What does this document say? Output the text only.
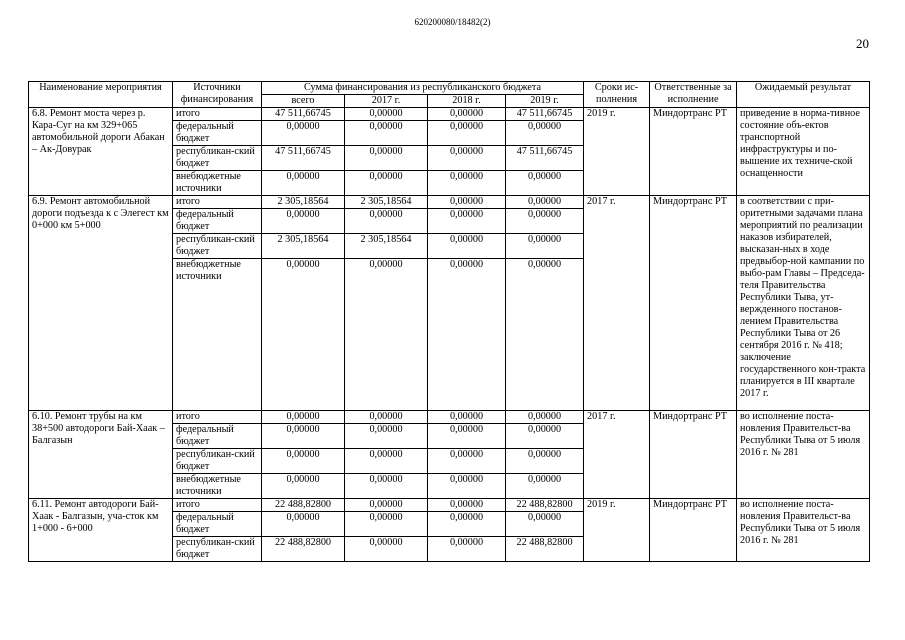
620200080/18482(2)
20
Наименование мероприятия	Источники финансирования	Сумма финансирования из республиканского бюджета				Сроки ис-полнения	Ответственные за исполнение	Ожидаемый результат
		всего	2017 г.	2018 г.	2019 г.			
6.8. Ремонт моста через р. Кара-Суг на км 329+065 автомобильной дороги Абакан – Ак-Довурак	итого	47 511,66745	0,00000	0,00000	47 511,66745	2019 г.	Миндортранс РТ	приведение в норма-тивное состояние объ-ектов транспортной инфраструктуры и по-вышение их техниче-ской оснащенности
	федеральный бюджет	0,00000	0,00000	0,00000	0,00000			
	республикан-ский бюджет	47 511,66745	0,00000	0,00000	47 511,66745			
	внебюджетные источники	0,00000	0,00000	0,00000	0,00000			
6.9. Ремонт автомобильной дороги подъезда к с Элегест км 0+000 км 5+000	итого	2 305,18564	2 305,18564	0,00000	0,00000	2017 г.	Миндортранс РТ	в соответствии с при-оритетными задачами плана мероприятий по реализации наказов избирателей, высказан-ных в ходе предвыбор-ной кампании по выбо-рам Главы – Председа-теля Правительства Республики Тыва, ут-вержденного постанов-лением Правительства Республики Тыва от 26 сентября 2016 г. № 418; заключение государственного кон-тракта планируется в III квартале 2017 г.
	федеральный бюджет	0,00000	0,00000	0,00000	0,00000			
	республикан-ский бюджет	2 305,18564	2 305,18564	0,00000	0,00000			
	внебюджетные источники	0,00000	0,00000	0,00000	0,00000			
6.10. Ремонт трубы на км 38+500 автодороги Бай-Хаак – Балгазын	итого	0,00000	0,00000	0,00000	0,00000	2017 г.	Миндортранс РТ	во исполнение поста-новления Правительст-ва Республики Тыва от 5 июля 2016 г. № 281
	федеральный бюджет	0,00000	0,00000	0,00000	0,00000			
	республикан-ский бюджет	0,00000	0,00000	0,00000	0,00000			
	внебюджетные источники	0,00000	0,00000	0,00000	0,00000			
6.11. Ремонт автодороги Бай-Хаак - Балгазын, уча-сток км 1+000 - 6+000	итого	22 488,82800	0,00000	0,00000	22 488,82800	2019 г.	Миндортранс РТ	во исполнение поста-новления Правительст-ва Республики Тыва от 5 июля 2016 г. № 281
	федеральный бюджет	0,00000	0,00000	0,00000	0,00000			
	республикан-ский бюджет	22 488,82800	0,00000	0,00000	22 488,82800			
